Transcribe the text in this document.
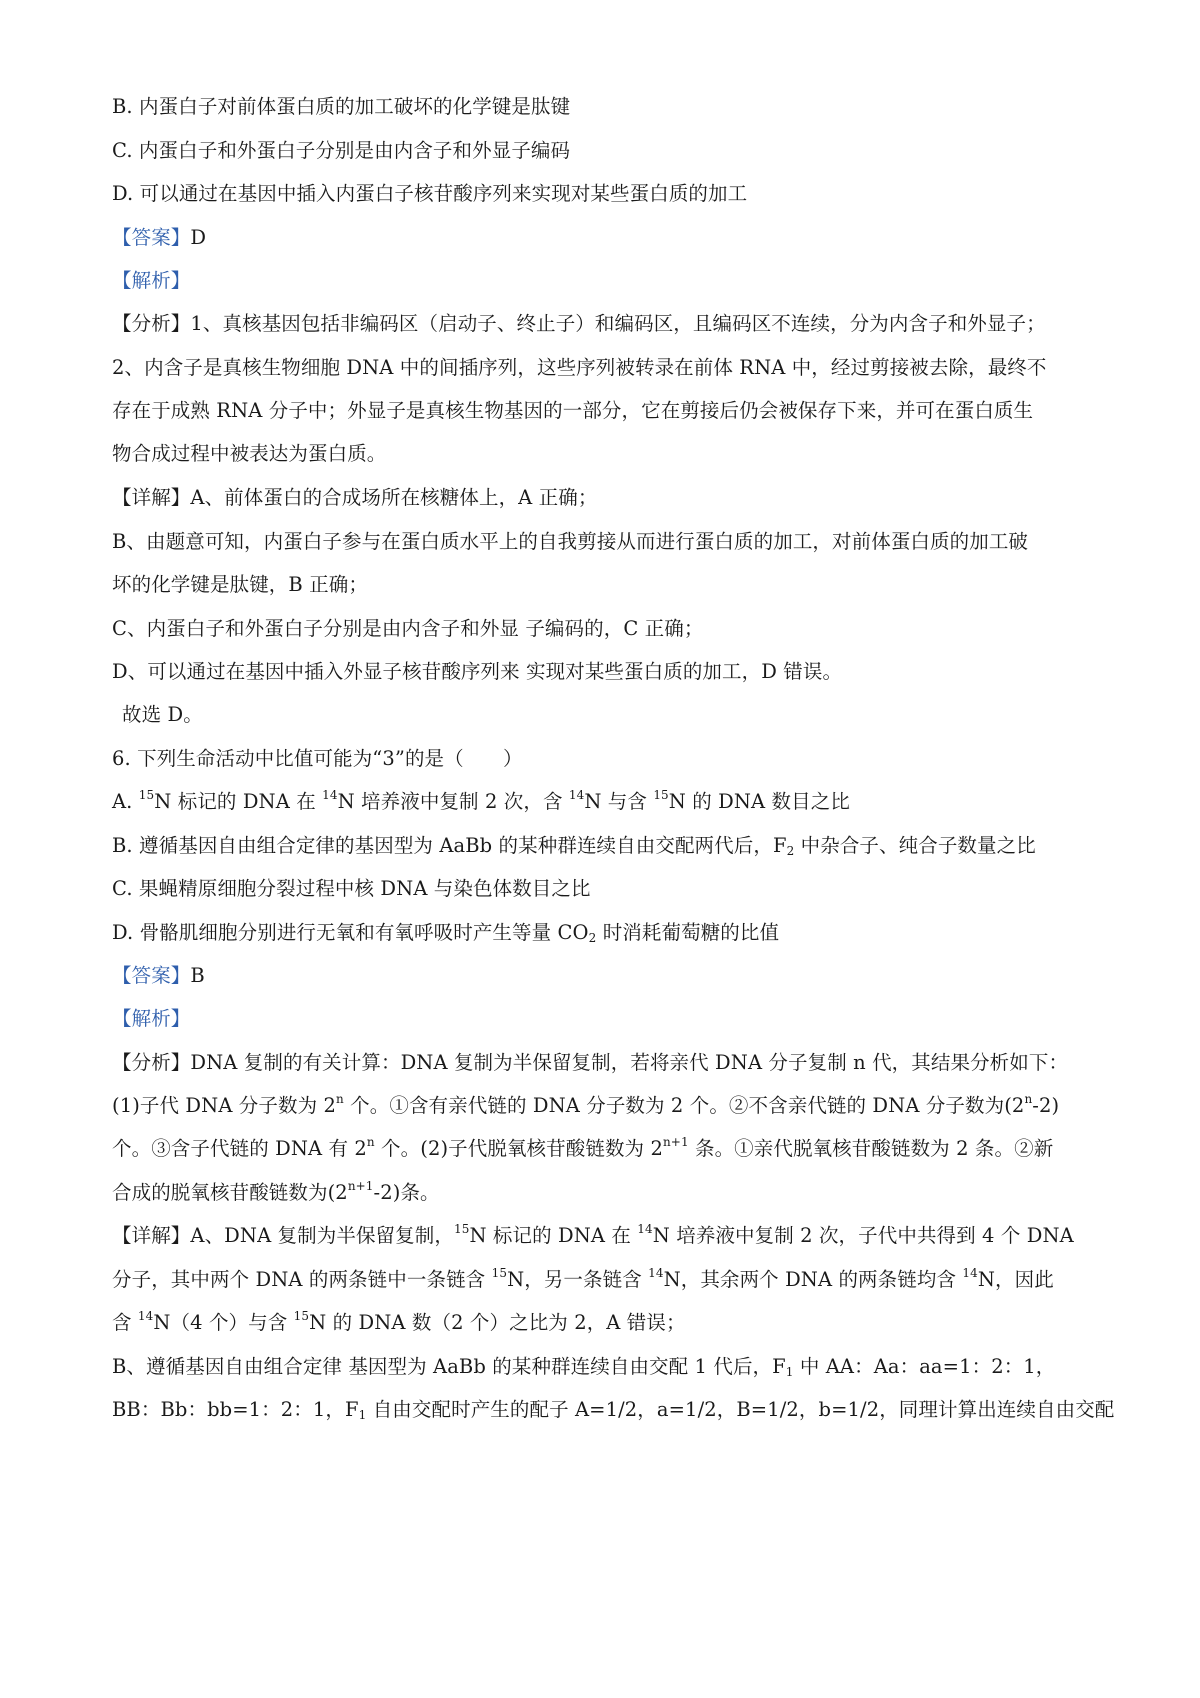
B. 内蛋白子对前体蛋白质的加工破坏的化学键是肽键
C. 内蛋白子和外蛋白子分别是由内含子和外显子编码
D. 可以通过在基因中插入内蛋白子核苷酸序列来实现对某些蛋白质的加工
【答案】D
【解析】
【分析】1、真核基因包括非编码区（启动子、终止子）和编码区，且编码区不连续，分为内含子和外显子；
2、内含子是真核生物细胞 DNA 中的间插序列，这些序列被转录在前体 RNA 中，经过剪接被去除，最终不
存在于成熟 RNA 分子中；外显子是真核生物基因的一部分，它在剪接后仍会被保存下来，并可在蛋白质生
物合成过程中被表达为蛋白质。
【详解】A、前体蛋白的合成场所在核糖体上，A 正确；
B、由题意可知，内蛋白子参与在蛋白质水平上的自我剪接从而进行蛋白质的加工，对前体蛋白质的加工破
坏的化学键是肽键，B 正确；
C、内蛋白子和外蛋白子分别是由内含子和外显 子编码的，C 正确；
D、可以通过在基因中插入外显子核苷酸序列来 实现对某些蛋白质的加工，D 错误。
故选 D。
6. 下列生命活动中比值可能为“3”的是（　　）
A. $^{15}$N 标记的 DNA 在 $^{14}$N 培养液中复制 2 次，含 $^{14}$N 与含 $^{15}$N 的 DNA 数目之比
B. 遵循基因自由组合定律的基因型为 AaBb 的某种群连续自由交配两代后，$F_2$ 中杂合子、纯合子数量之比
C. 果蝇精原细胞分裂过程中核 DNA 与染色体数目之比
D. 骨骼肌细胞分别进行无氧和有氧呼吸时产生等量 $CO_2$ 时消耗葡萄糖的比值
【答案】B
【解析】
【分析】DNA 复制的有关计算：DNA 复制为半保留复制，若将亲代 DNA 分子复制 n 代，其结果分析如下：
(1)子代 DNA 分子数为 2$^n$ 个。①含有亲代链的 DNA 分子数为 2 个。②不含亲代链的 DNA 分子数为(2$^n$-2)
个。③含子代链的 DNA 有 2$^n$ 个。(2)子代脱氧核苷酸链数为 $2^{n+1}$ 条。①亲代脱氧核苷酸链数为 2 条。②新
合成的脱氧核苷酸链数为$(2^{n+1}-2)$条。
【详解】A、DNA 复制为半保留复制，$^{15}$N 标记的 DNA 在 $^{14}$N 培养液中复制 2 次，子代中共得到 4 个 DNA
分子，其中两个 DNA 的两条链中一条链含 $^{15}$N，另一条链含 $^{14}$N，其余两个 DNA 的两条链均含 $^{14}$N，因此
含 $^{14}$N（4 个）与含 $^{15}$N 的 DNA 数（2 个）之比为 2，A 错误；
B、遵循基因自由组合定律 基因型为 AaBb 的某种群连续自由交配 1 代后，$F_1$ 中 AA：Aa：aa=1：2：1，
BB：Bb：bb=1：2：1，$F_1$ 自由交配时产生的配子 A=1/2，a=1/2，B=1/2，b=1/2，同理计算出连续自由交配
